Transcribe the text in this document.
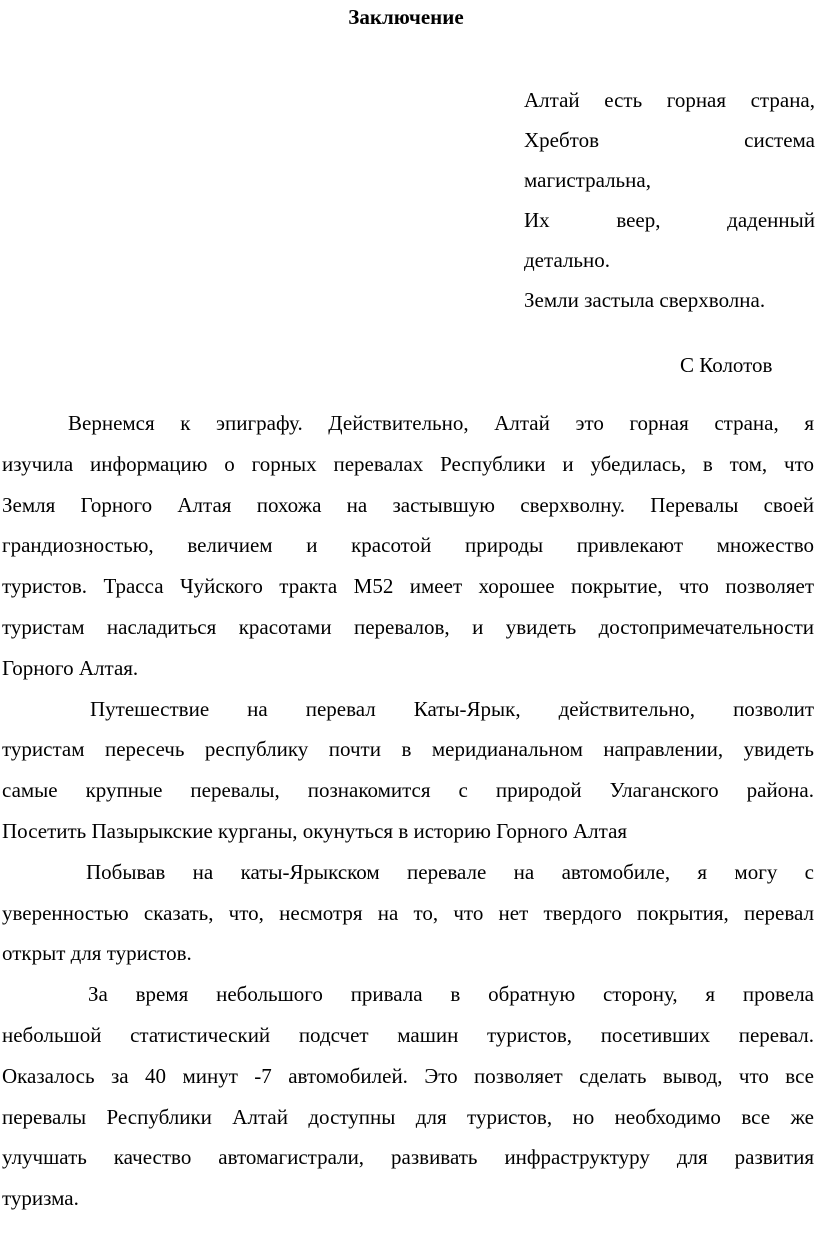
Заключение
Алтай есть горная страна,
Хребтов система
магистральна,
Их веер, даденный
детально.
Земли застыла сверхволна.
С Колотов
Вернемся к эпиграфу. Действительно, Алтай это горная страна, я
изучила информацию о горных перевалах Республики и убедилась, в том, что
Земля Горного Алтая похожа на застывшую сверхволну. Перевалы своей
грандиозностью, величием и красотой природы привлекают множество
туристов. Трасса Чуйского тракта М52 имеет хорошее покрытие, что позволяет
туристам насладиться красотами перевалов, и увидеть достопримечательности
Горного Алтая.
Путешествие на перевал Каты-Ярык, действительно, позволит
туристам пересечь республику почти в меридианальном направлении, увидеть
самые крупные перевалы, познакомится с природой Улаганского района.
Посетить Пазырыкские курганы, окунуться в историю Горного Алтая
Побывав на каты-Ярыкском перевале на автомобиле, я могу с
уверенностью сказать, что, несмотря на то, что нет твердого покрытия, перевал
открыт для туристов.
За время небольшого привала в обратную сторону, я провела
небольшой статистический подсчет машин туристов, посетивших перевал.
Оказалось за 40 минут -7 автомобилей. Это позволяет сделать вывод, что все
перевалы Республики Алтай доступны для туристов, но необходимо все же
улучшать качество автомагистрали, развивать инфраструктуру для развития
туризма.
